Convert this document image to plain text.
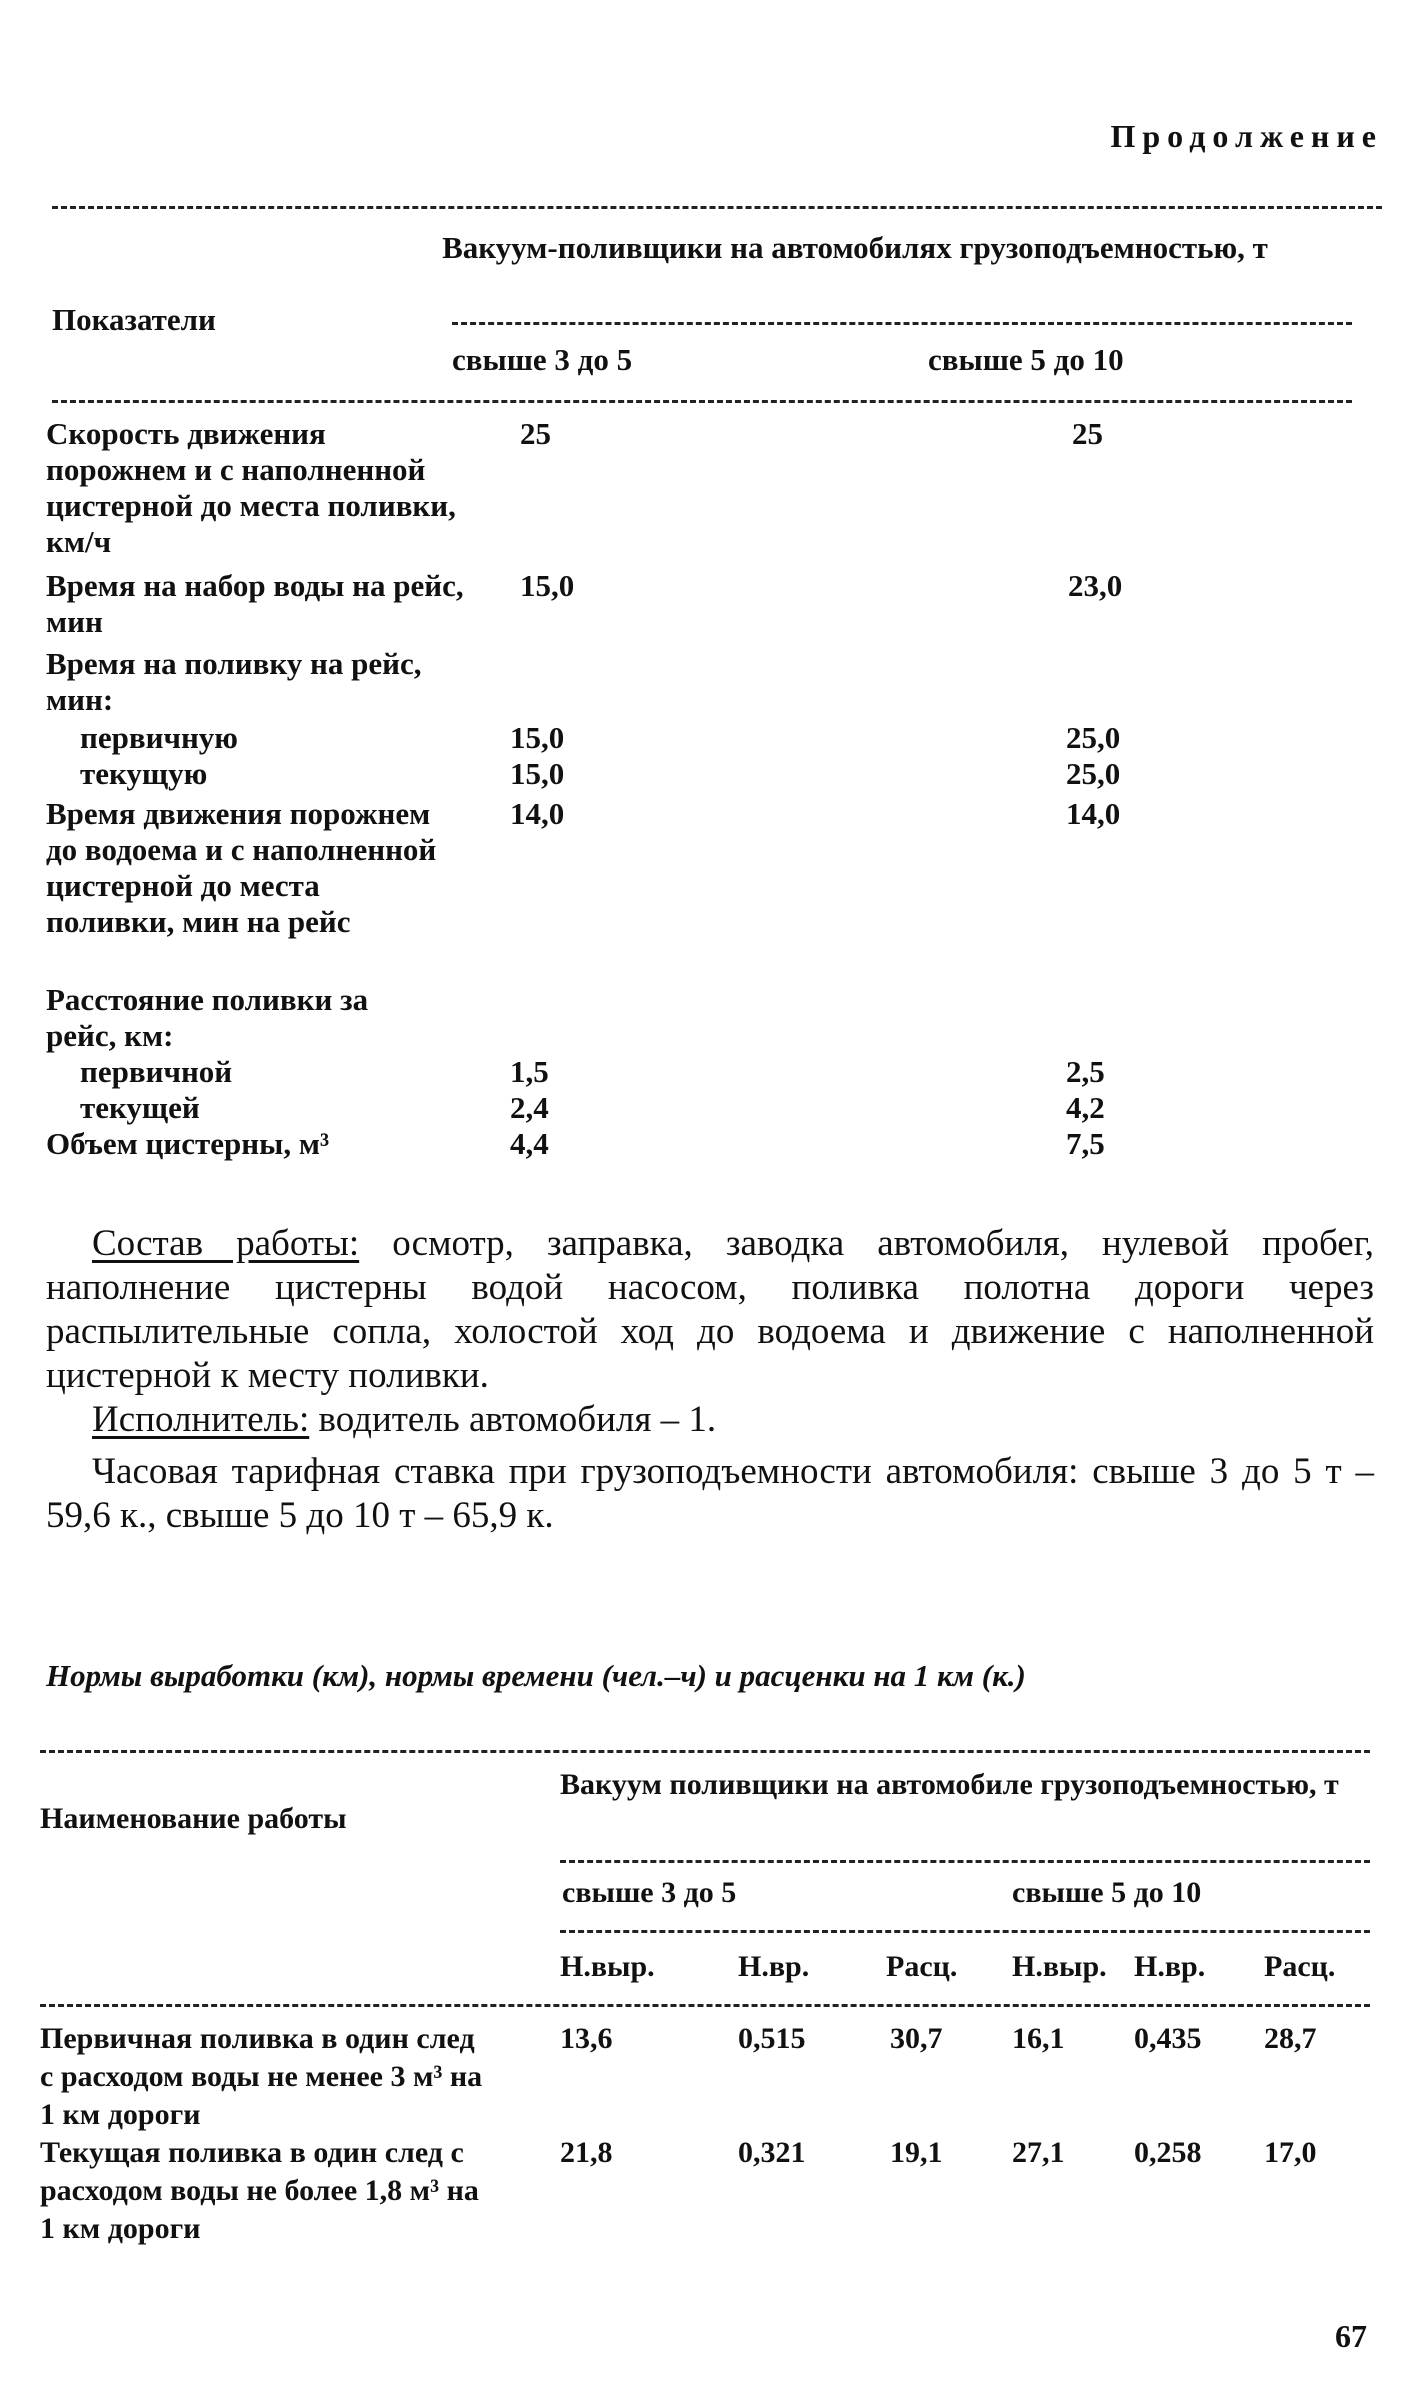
Продолжение
Показатели
Вакуум-поливщики на автомобилях грузоподъемностью, т
свыше 3 до 5	свыше 5 до 10
Скорость движения порожнем и с наполненной цистерной до места поливки, км/ч
25	25
Время на набор воды на рейс, мин
15,0	23,0
Время на поливку на рейс, мин:
первичную	15,0	25,0
текущую	15,0	25,0
Время движения порожнем до водоема и с наполненной цистерной до места поливки, мин на рейс
14,0	14,0
Расстояние поливки за рейс, км:
первичной	1,5	2,5
текущей	2,4	4,2
Объем цистерны, м³	4,4	7,5
Состав работы: осмотр, заправка, заводка автомобиля, нулевой пробег, наполнение цистерны водой насосом, поливка полотна дороги через распылительные сопла, холостой ход до водоема и движение с наполненной цистерной к месту поливки.
Исполнитель: водитель автомобиля – 1.
Часовая тарифная ставка при грузоподъемности автомобиля: свыше 3 до 5 т – 59,6 к., свыше 5 до 10 т – 65,9 к.
Нормы выработки (км), нормы времени (чел.–ч) и расценки на 1 км (к.)
Наименование работы
Вакуум поливщики на автомобиле грузоподъемностью, т
свыше 3 до 5	свыше 5 до 10
Н.выр.	Н.вр.	Расц. Н.выр. Н.вр. Расц.
Первичная поливка в один след с расходом воды не менее 3 м³ на 1 км дороги
13,6	0,515	30,7 16,1 0,435 28,7
Текущая поливка в один след с расходом воды не более 1,8 м³ на 1 км дороги
21,8	0,321	19,1 27,1 0,258 17,0
67
